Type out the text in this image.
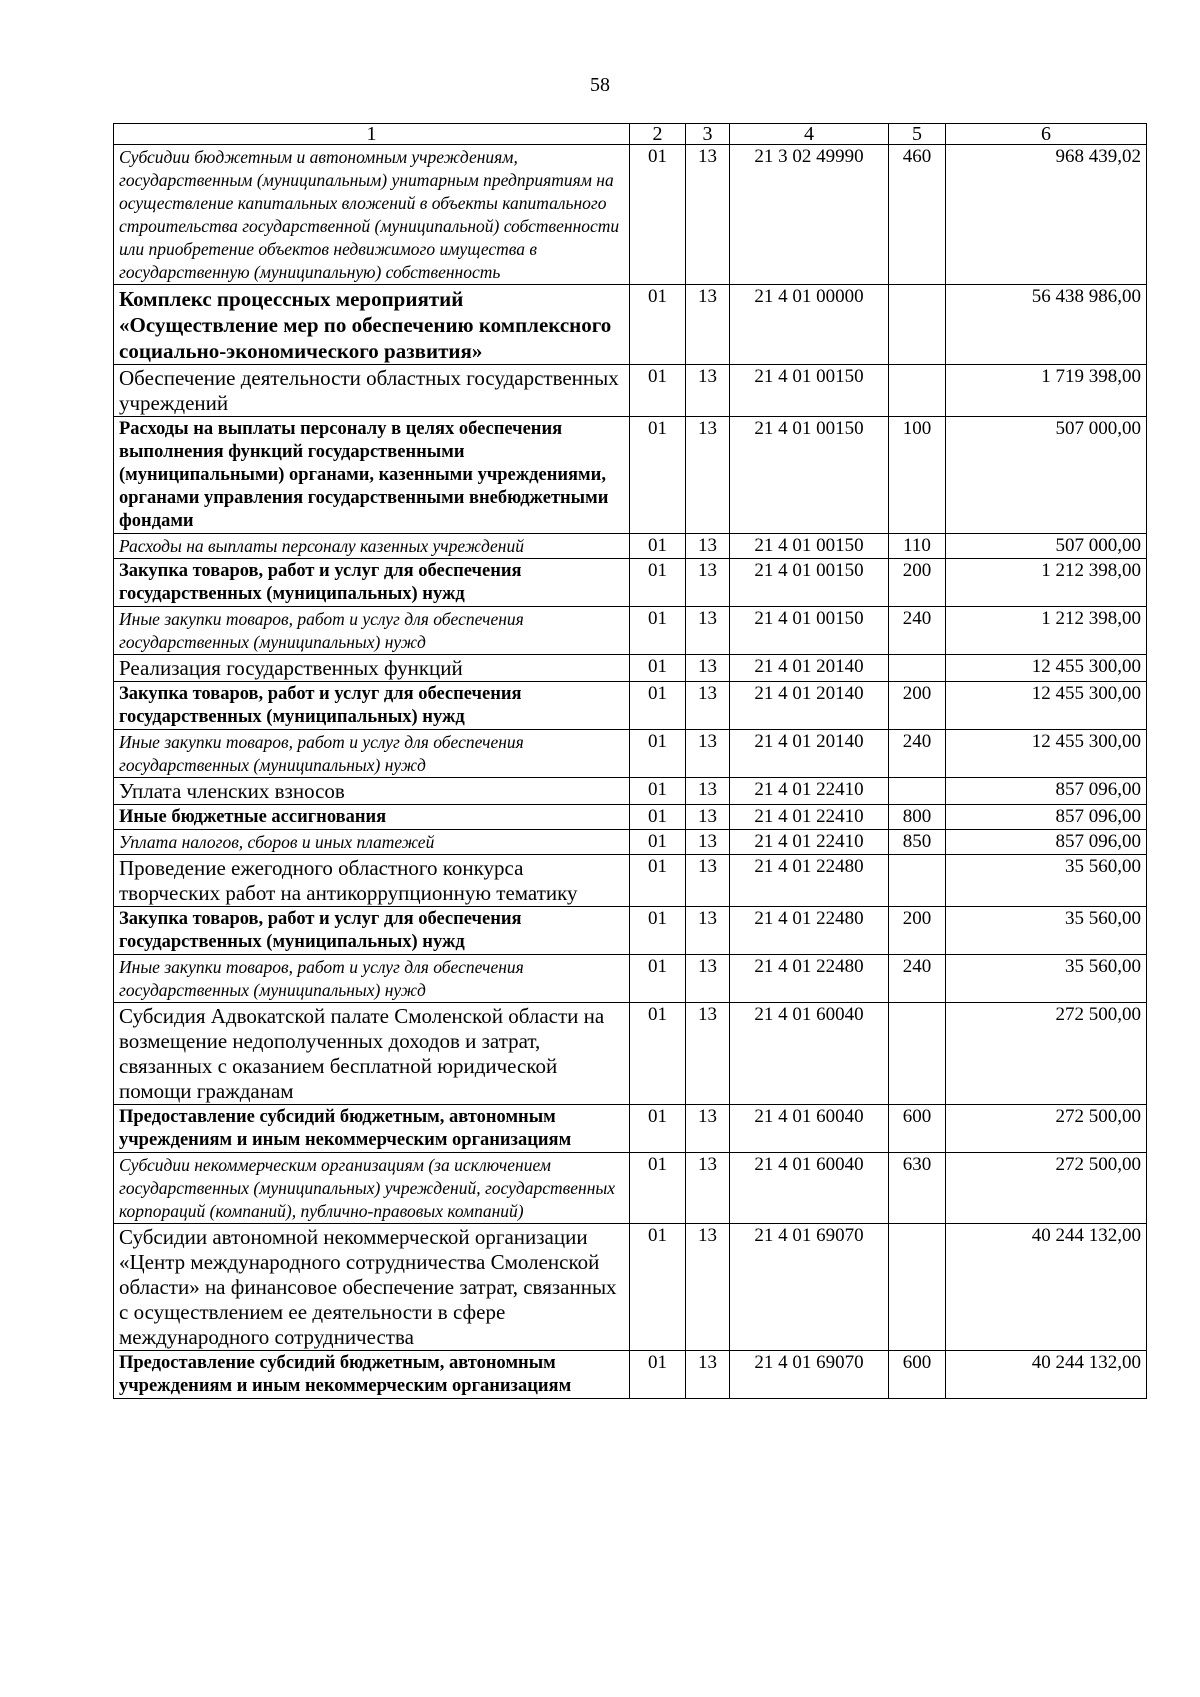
58
1	2	3	4	5	6
Субсидии бюджетным и автономным учреждениям, государственным (муниципальным) унитарным предприятиям на осуществление капитальных вложений в объекты капитального строительства государственной (муниципальной) собственности или приобретение объектов недвижимого имущества в государственную (муниципальную) собственность	01	13	21 3 02 49990	460	968 439,02
Комплекс процессных мероприятий «Осуществление мер по обеспечению комплексного социально-экономического развития»	01	13	21 4 01 00000		56 438 986,00
Обеспечение деятельности областных государственных учреждений	01	13	21 4 01 00150		1 719 398,00
Расходы на выплаты персоналу в целях обеспечения выполнения функций государственными (муниципальными) органами, казенными учреждениями, органами управления государственными внебюджетными фондами	01	13	21 4 01 00150	100	507 000,00
Расходы на выплаты персоналу казенных учреждений	01	13	21 4 01 00150	110	507 000,00
Закупка товаров, работ и услуг для обеспечения государственных (муниципальных) нужд	01	13	21 4 01 00150	200	1 212 398,00
Иные закупки товаров, работ и услуг для обеспечения государственных (муниципальных) нужд	01	13	21 4 01 00150	240	1 212 398,00
Реализация государственных функций	01	13	21 4 01 20140		12 455 300,00
Закупка товаров, работ и услуг для обеспечения государственных (муниципальных) нужд	01	13	21 4 01 20140	200	12 455 300,00
Иные закупки товаров, работ и услуг для обеспечения государственных (муниципальных) нужд	01	13	21 4 01 20140	240	12 455 300,00
Уплата членских взносов	01	13	21 4 01 22410		857 096,00
Иные бюджетные ассигнования	01	13	21 4 01 22410	800	857 096,00
Уплата налогов, сборов и иных платежей	01	13	21 4 01 22410	850	857 096,00
Проведение ежегодного областного конкурса творческих работ на антикоррупционную тематику	01	13	21 4 01 22480		35 560,00
Закупка товаров, работ и услуг для обеспечения государственных (муниципальных) нужд	01	13	21 4 01 22480	200	35 560,00
Иные закупки товаров, работ и услуг для обеспечения государственных (муниципальных) нужд	01	13	21 4 01 22480	240	35 560,00
Субсидия Адвокатской палате Смоленской области на возмещение недополученных доходов и затрат, связанных с оказанием бесплатной юридической помощи гражданам	01	13	21 4 01 60040		272 500,00
Предоставление субсидий бюджетным, автономным учреждениям и иным некоммерческим организациям	01	13	21 4 01 60040	600	272 500,00
Субсидии некоммерческим организациям (за исключением государственных (муниципальных) учреждений, государственных корпораций (компаний), публично-правовых компаний)	01	13	21 4 01 60040	630	272 500,00
Субсидии автономной некоммерческой организации «Центр международного сотрудничества Смоленской области» на финансовое обеспечение затрат, связанных с осуществлением ее деятельности в сфере международного сотрудничества	01	13	21 4 01 69070		40 244 132,00
Предоставление субсидий бюджетным, автономным учреждениям и иным некоммерческим организациям	01	13	21 4 01 69070	600	40 244 132,00
